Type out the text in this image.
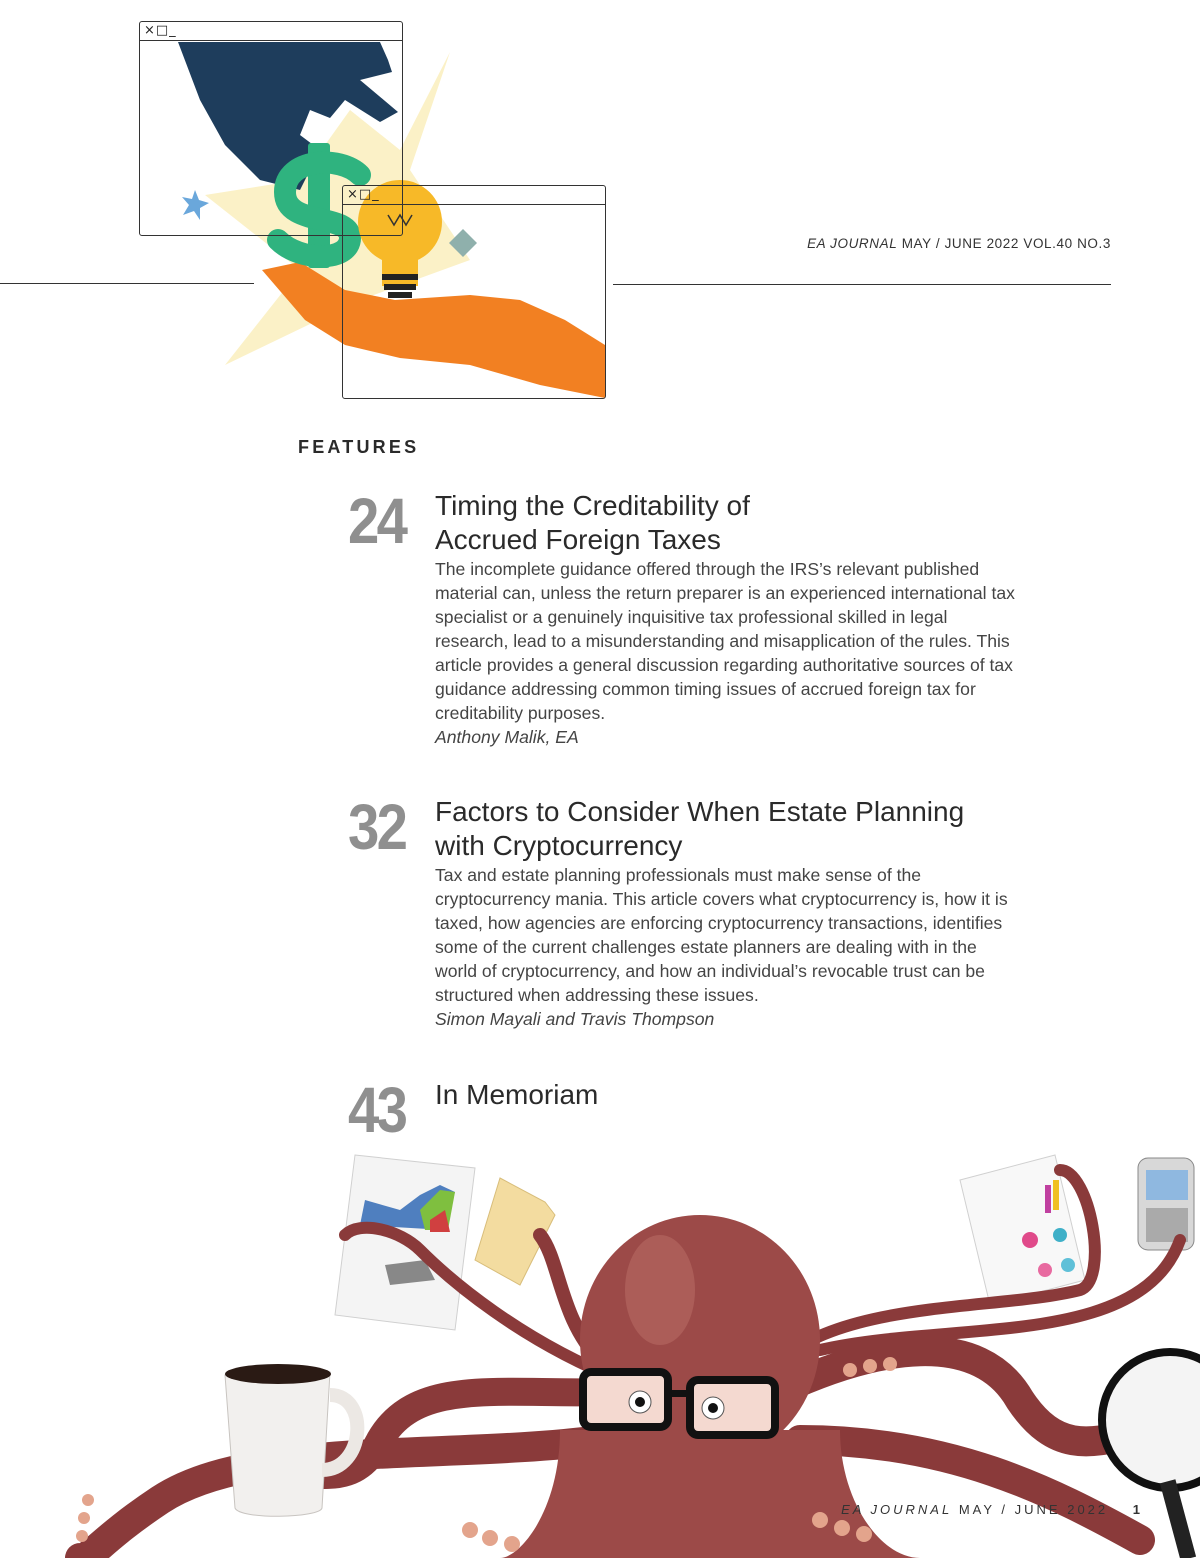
×□_
×□_
EA JOURNAL MAY / JUNE 2022 VOL.40 NO.3
FEATURES
24	Timing the Creditability of
Accrued Foreign Taxes

The incomplete guidance offered through the IRS’s relevant published material can, unless the return preparer is an experienced international tax specialist or a genuinely inquisitive tax professional skilled in legal research, lead to a misunderstanding and misapplication of the rules. This article provides a general discussion regarding authoritative sources of tax guidance addressing common timing issues of accrued foreign tax for creditability purposes.

Anthony Malik, EA

32	Factors to Consider When Estate Planning
with Cryptocurrency

Tax and estate planning professionals must make sense of the cryptocurrency mania. This article covers what cryptocurrency is, how it is taxed, how agencies are enforcing cryptocurrency transactions, identifies some of the current challenges estate planners are dealing with in the world of cryptocurrency, and how an individual’s revocable trust can be structured when addressing these issues.

Simon Mayali and Travis Thompson

43	In Memoriam

EA JOURNAL MAY / JUNE 2022 1
